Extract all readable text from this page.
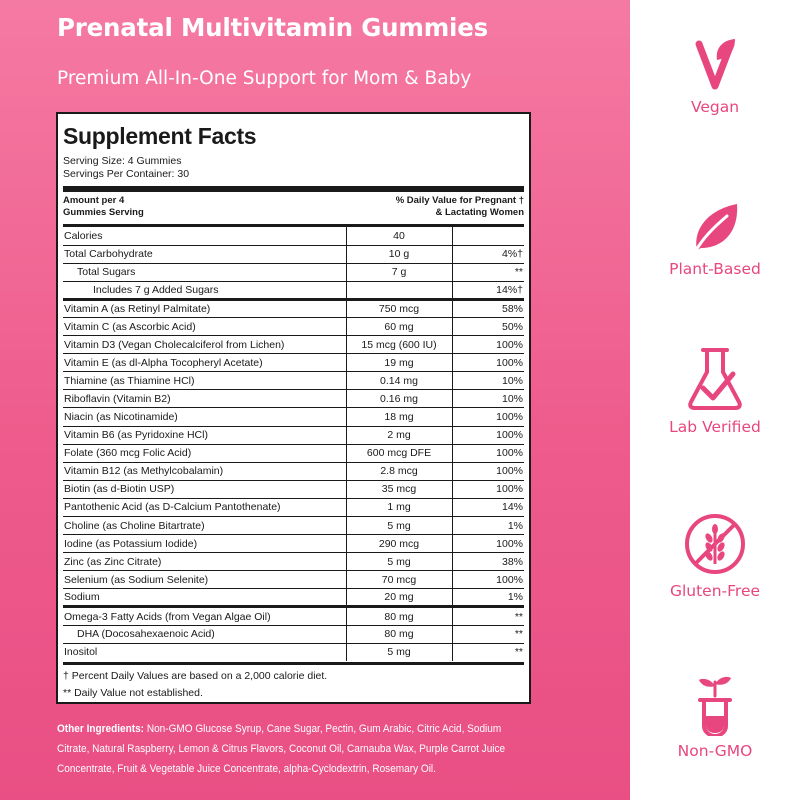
Prenatal Multivitamin Gummies
Premium All-In-One Support for Mom & Baby
Supplement Facts
Serving Size: 4 Gummies
Servings Per Container: 30
Amount per 4
Gummies Serving
% Daily Value for Pregnant †
& Lactating Women
Calories	40	
Total Carbohydrate	10 g	4%†
Total Sugars	7 g	**
Includes 7 g Added Sugars		14%†
Vitamin A (as Retinyl Palmitate)	750 mcg	58%
Vitamin C (as Ascorbic Acid)	60 mg	50%
Vitamin D3 (Vegan Cholecalciferol from Lichen)	15 mcg (600 IU)	100%
Vitamin E (as dl-Alpha Tocopheryl Acetate)	19 mg	100%
Thiamine (as Thiamine HCl)	0.14 mg	10%
Riboflavin (Vitamin B2)	0.16 mg	10%
Niacin (as Nicotinamide)	18 mg	100%
Vitamin B6 (as Pyridoxine HCl)	2 mg	100%
Folate (360 mcg Folic Acid)	600 mcg DFE	100%
Vitamin B12 (as Methylcobalamin)	2.8 mcg	100%
Biotin (as d-Biotin USP)	35 mcg	100%
Pantothenic Acid (as D-Calcium Pantothenate)	1 mg	14%
Choline (as Choline Bitartrate)	5 mg	1%
Iodine (as Potassium Iodide)	290 mcg	100%
Zinc (as Zinc Citrate)	5 mg	38%
Selenium (as Sodium Selenite)	70 mcg	100%
Sodium	20 mg	1%
Omega-3 Fatty Acids (from Vegan Algae Oil)	80 mg	**
DHA (Docosahexaenoic Acid)	80 mg	**
Inositol	5 mg	**
† Percent Daily Values are based on a 2,000 calorie diet.
** Daily Value not established.
Other Ingredients: Non-GMO Glucose Syrup, Cane Sugar, Pectin, Gum Arabic, Citric Acid, Sodium Citrate, Natural Raspberry, Lemon & Citrus Flavors, Coconut Oil, Carnauba Wax, Purple Carrot Juice Concentrate, Fruit & Vegetable Juice Concentrate, alpha-Cyclodextrin, Rosemary Oil.
Vegan
Plant-Based
Lab Verified
Gluten-Free
Non-GMO
